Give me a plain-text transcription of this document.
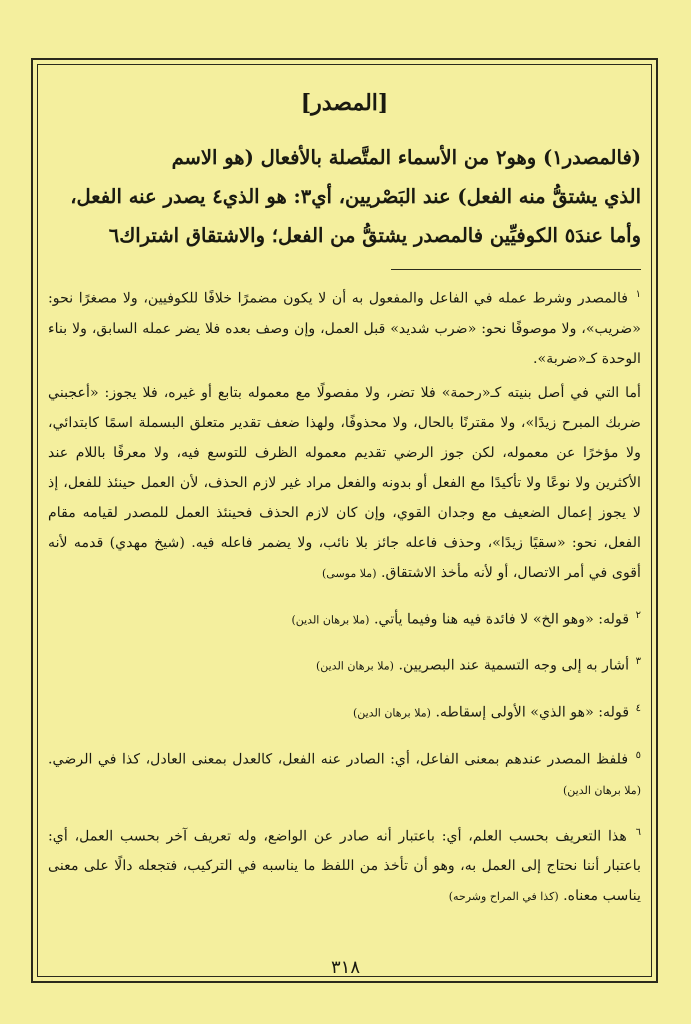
[المصدر]

(فالمصدر١) وهو٢ من الأسماء المتَّصلة بالأفعال (هو الاسم

الذي يشتقُّ منه الفعل) عند البَصْريين، أي٣: هو الذي٤ يصدر عنه الفعل،

وأما عندَ٥ الكوفيِّين فالمصدر يشتقُّ من الفعل؛ والاشتقاق اشتراك٦

$^١$ فالمصدر وشرط عمله في الفاعل والمفعول به أن لا يكون مضمرًا خلافًا للكوفيين، ولا مصغرًا نحو: «ضريب»، ولا موصوفًا نحو: «ضرب شديد» قبل العمل، وإن وصف بعده فلا يضر عمله السابق، ولا بناء الوحدة كـ«ضربة».

أما التي في أصل بنيته كـ«رحمة» فلا تضر، ولا مفصولًا مع معموله بتابع أو غيره، فلا يجوز: «أعجبني ضربك المبرح زيدًا»، ولا مقترنًا بالحال، ولا محذوفًا، ولهذا ضعف تقدير متعلق البسملة اسمًا كابتدائي، ولا مؤخرًا عن معموله، لكن جوز الرضي تقديم معموله الظرف للتوسع فيه، ولا معرفًا باللام عند الأكثرين ولا نوعًا ولا تأكيدًا مع الفعل أو بدونه والفعل مراد غير لازم الحذف، لأن العمل حينئذ للفعل، إذ لا يجوز إعمال الضعيف مع وجدان القوي، وإن كان لازم الحذف فحينئذ العمل للمصدر لقيامه مقام الفعل، نحو: «سقيًا زيدًا»، وحذف فاعله جائز بلا نائب، ولا يضمر فاعله فيه. (شيخ مهدي) قدمه لأنه أقوى في أمر الاتصال، أو لأنه مأخذ الاشتقاق. (ملا موسى)

$^٢$ قوله: «وهو الخ» لا فائدة فيه هنا وفيما يأتي. (ملا برهان الدين)

$^٣$ أشار به إلى وجه التسمية عند البصريين. (ملا برهان الدين)

$^٤$ قوله: «هو الذي» الأولى إسقاطه. (ملا برهان الدين)

$^٥$ فلفظ المصدر عندهم بمعنى الفاعل، أي: الصادر عنه الفعل، كالعدل بمعنى العادل، كذا في الرضي. (ملا برهان الدين)

$^٦$ هذا التعريف بحسب العلم، أي: باعتبار أنه صادر عن الواضع، وله تعريف آخر بحسب العمل، أي: باعتبار أننا نحتاج إلى العمل به، وهو أن تأخذ من اللفظ ما يناسبه في التركيب، فتجعله دالًا على معنى يناسب معناه. (كذا في المراح وشرحه)

٣١٨
